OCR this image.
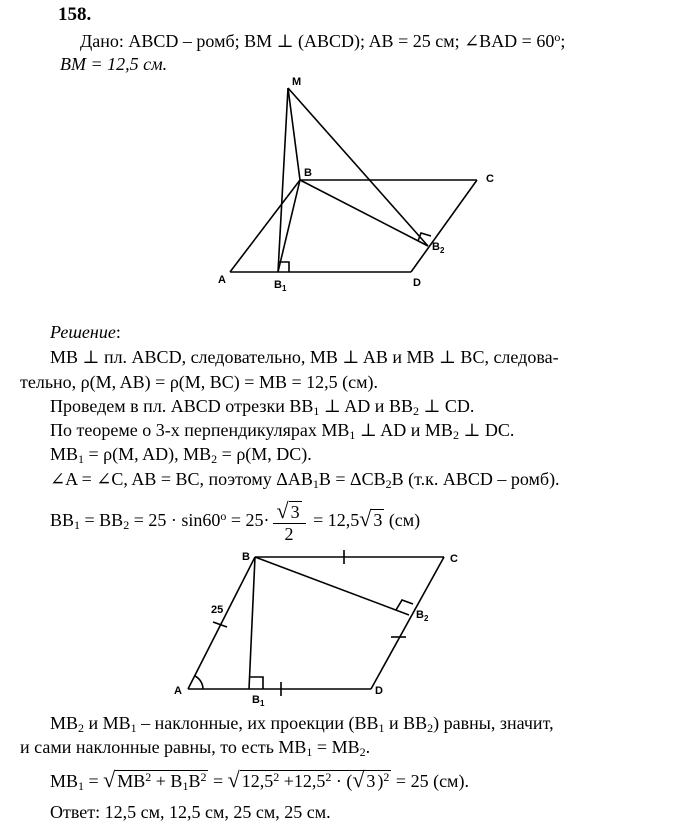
158.
Дано: ABCD – ромб; BM ⊥ (ABCD); AB = 25 см; ∠BAD = $60^o$;
BM = 12,5 см.
M
B	C
A	$B_1$	D
$B_2$
Решение:
MB ⊥ пл. ABCD, следовательно, MB ⊥ AB и MB ⊥ BC, следова-
тельно, ρ(M, AB) = ρ(M, BC) = MB = 12,5 (см).
Проведем в пл. ABCD отрезки $BB_1$ ⊥ AD и $BB_2$ ⊥ CD.
По теореме о 3-х перпендикулярах $MB_1$ ⊥ AD и $MB_2$ ⊥ DC.
$MB_1 = \rho(M$, AD), $MB_2 = \rho(M$, DC).
∠A = ∠C, AB = BC, поэтому $\Delta AB_1B = \Delta CB_2B$ (т.к. ABCD – ромб).
$BB_1 = BB_2 = 25 \cdot \sin 60^o = 25\cdot \frac{√ 3}{2} = 12,5√$ 3 (см)
B	C
A	D
$B_1$
$B_2$
25
$MB_2$ и $MB_1$ – наклонные, их проекции ($BB_1$ и $BB_2$) равны, значит,
и сами наклонные равны, то есть $MB_1 = MB_2$.
$MB_1$ = √ $MB^2 + B_1B^2$ = √ $12,5^2 +12,5^2$ · (√ 3 )$^2$ = 25 (см).
Ответ: 12,5 см, 12,5 см, 25 см, 25 см.
